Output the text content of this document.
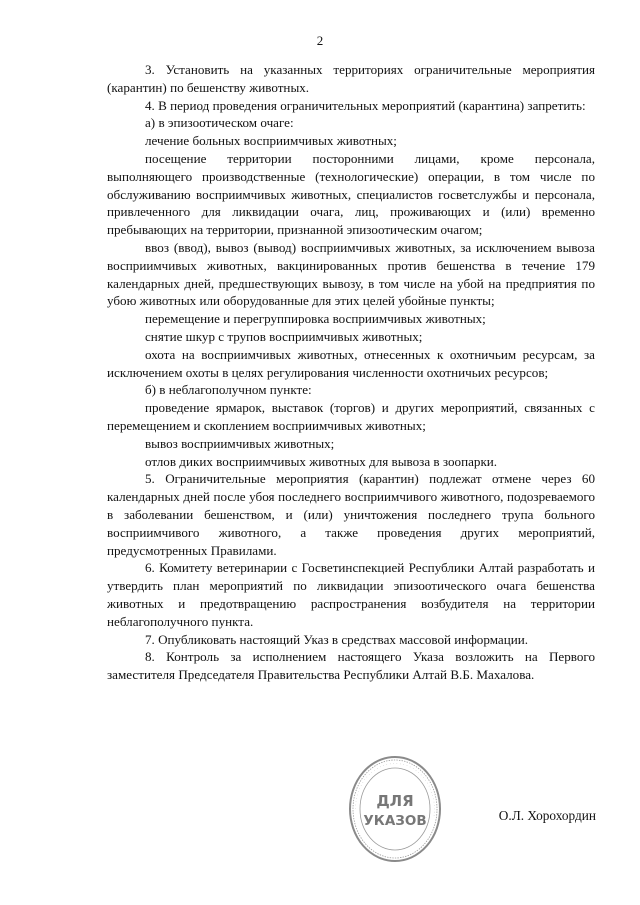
2

3. Установить на указанных территориях ограничительные мероприятия (карантин) по бешенству животных.

4. В период проведения ограничительных мероприятий (карантина) запретить:

а) в эпизоотическом очаге:

лечение больных восприимчивых животных;

посещение территории посторонними лицами, кроме персонала, выполняющего производственные (технологические) операции, в том числе по обслуживанию восприимчивых животных, специалистов госветслужбы и персонала, привлеченного для ликвидации очага, лиц, проживающих и (или) временно пребывающих на территории, признанной эпизоотическим очагом;

ввоз (ввод), вывоз (вывод) восприимчивых животных, за исключением вывоза восприимчивых животных, вакцинированных против бешенства в течение 179 календарных дней, предшествующих вывозу, в том числе на убой на предприятия по убою животных или оборудованные для этих целей убойные пункты;

перемещение и перегруппировка восприимчивых животных;

снятие шкур с трупов восприимчивых животных;

охота на восприимчивых животных, отнесенных к охотничьим ресурсам, за исключением охоты в целях регулирования численности охотничьих ресурсов;

б) в неблагополучном пункте:

проведение ярмарок, выставок (торгов) и других мероприятий, связанных с перемещением и скоплением восприимчивых животных;

вывоз восприимчивых животных;

отлов диких восприимчивых животных для вывоза в зоопарки.

5. Ограничительные мероприятия (карантин) подлежат отмене через 60 календарных дней после убоя последнего восприимчивого животного, подозреваемого в заболевании бешенством, и (или) уничтожения последнего трупа больного восприимчивого животного, а также проведения других мероприятий, предусмотренных Правилами.

6. Комитету ветеринарии с Госветинспекцией Республики Алтай разработать и утвердить план мероприятий по ликвидации эпизоотического очага бешенства животных и предотвращению распространения возбудителя на территории неблагополучного пункта.

7. Опубликовать настоящий Указ в средствах массовой информации.

8. Контроль за исполнением настоящего Указа возложить на Первого заместителя Председателя Правительства Республики Алтай В.Б. Махалова.

· · · · · · · · · · · · · · · · · · · · · · · · · · · · · · · · · · · · · · · · · ·
ДЛЯ
УКАЗОВ	О.Л. Хорохордин
